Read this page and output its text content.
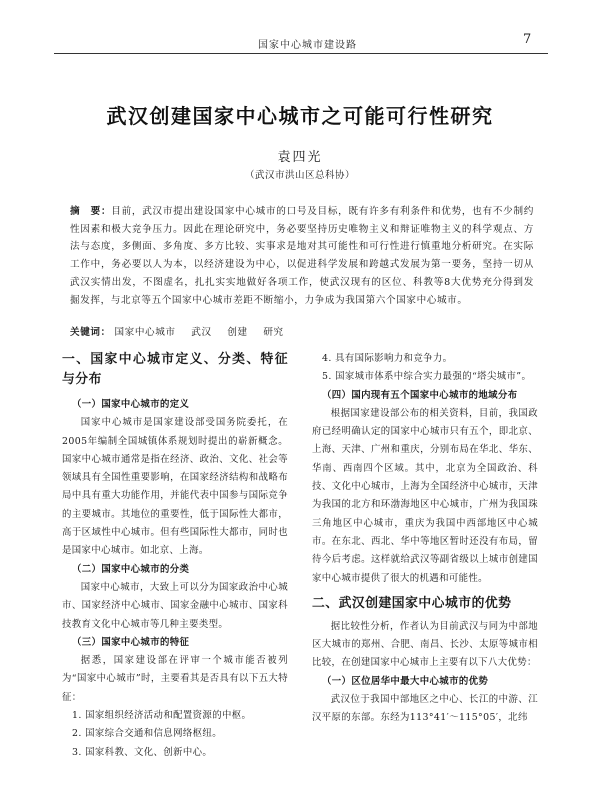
国家中心城市建设路	7
武汉创建国家中心城市之可能可行性研究
袁四光
（武汉市洪山区总科协）
摘　要：目前，武汉市提出建设国家中心城市的口号及目标，既有许多有利条件和优势，也有不少制约性因素和极大竞争压力。因此在理论研究中，务必要坚持历史唯物主义和辩证唯物主义的科学观点、方法与态度，多侧面、多角度、多方比较、实事求是地对其可能性和可行性进行慎重地分析研究。在实际工作中，务必要以人为本，以经济建设为中心，以促进科学发展和跨越式发展为第一要务，坚持一切从武汉实情出发，不图虚名，扎扎实实地做好各项工作，使武汉现有的区位、科教等8大优势充分得到发掘发挥，与北京等五个国家中心城市差距不断缩小，力争成为我国第六个国家中心城市。
关键词： 国家中心城市 武汉 创建 研究

一、国家中心城市定义、分类、特征与分布

（一）国家中心城市的定义

国家中心城市是国家建设部受国务院委托，在2005年编制全国城镇体系规划时提出的崭新概念。国家中心城市通常是指在经济、政治、文化、社会等领域具有全国性重要影响，在国家经济结构和战略布局中具有重大功能作用，并能代表中国参与国际竞争的主要城市。其地位的重要性，低于国际性大都市，高于区域性中心城市。但有些国际性大都市，同时也是国家中心城市。如北京、上海。

（二）国家中心城市的分类

国家中心城市，大致上可以分为国家政治中心城市、国家经济中心城市、国家金融中心城市、国家科技教育文化中心城市等几种主要类型。

（三）国家中心城市的特征

据悉，国家建设部在评审一个城市能否被列为“国家中心城市”时，主要看其是否具有以下五大特征：

1. 国家组织经济活动和配置资源的中枢。

2. 国家综合交通和信息网络枢纽。

3. 国家科教、文化、创新中心。

4. 具有国际影响力和竞争力。

5. 国家城市体系中综合实力最强的“塔尖城市”。

（四）国内现有五个国家中心城市的地域分布

根据国家建设部公布的相关资料，目前，我国政府已经明确认定的国家中心城市只有五个，即北京、上海、天津、广州和重庆，分别布局在华北、华东、华南、西南四个区域。其中，北京为全国政治、科技、文化中心城市，上海为全国经济中心城市，天津为我国的北方和环渤海地区中心城市，广州为我国珠三角地区中心城市，重庆为我国中西部地区中心城市。在东北、西北、华中等地区暂时还没有布局，留待今后考虑。这样就给武汉等副省级以上城市创建国家中心城市提供了很大的机遇和可能性。

二、武汉创建国家中心城市的优势

据比较性分析，作者认为目前武汉与同为中部地区大城市的郑州、合肥、南昌、长沙、太原等城市相比较，在创建国家中心城市上主要有以下八大优势：

（一）区位居华中最大中心城市的优势

武汉位于我国中部地区之中心、长江的中游、江汉平原的东部。东经为113°41′～115°05′，北纬
